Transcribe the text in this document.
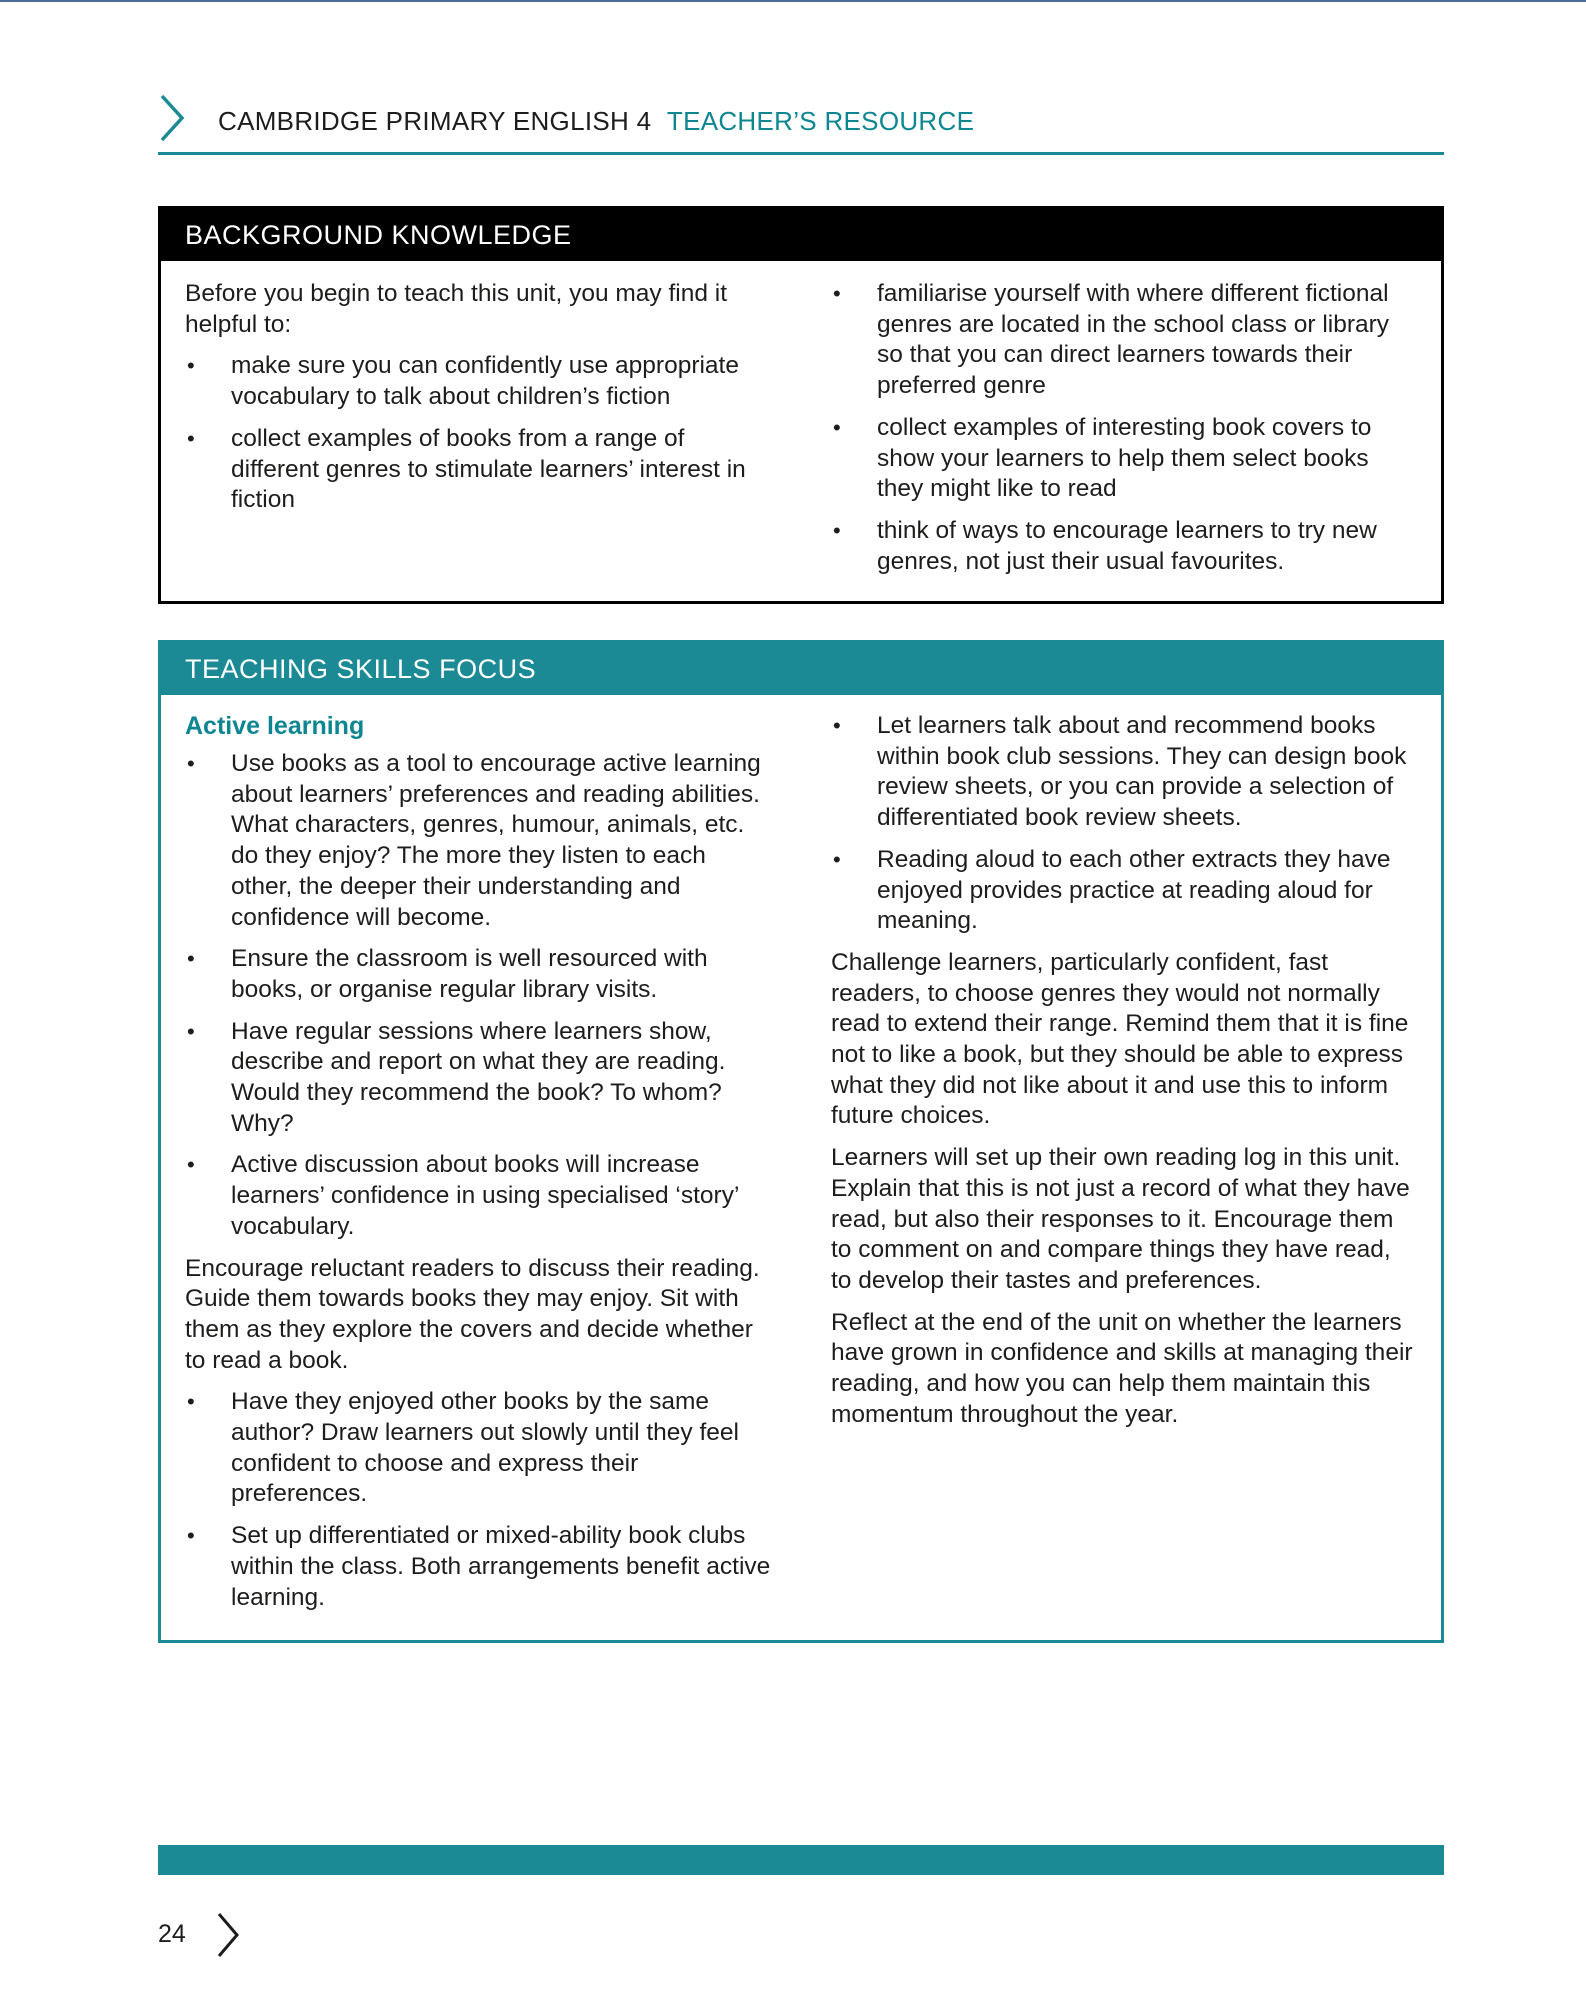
CAMBRIDGE PRIMARY ENGLISH 4 TEACHER’S RESOURCE
BACKGROUND KNOWLEDGE

Before you begin to teach this unit, you may find it helpful to:

• make sure you can confidently use appropriate vocabulary to talk about children’s fiction
• collect examples of books from a range of different genres to stimulate learners’ interest in fiction
• familiarise yourself with where different fictional genres are located in the school class or library so that you can direct learners towards their preferred genre
• collect examples of interesting book covers to show your learners to help them select books they might like to read
• think of ways to encourage learners to try new genres, not just their usual favourites.
TEACHING SKILLS FOCUS
Active learning
• Use books as a tool to encourage active learning about learners’ preferences and reading abilities. What characters, genres, humour, animals, etc. do they enjoy? The more they listen to each other, the deeper their understanding and confidence will become.
• Ensure the classroom is well resourced with books, or organise regular library visits.
• Have regular sessions where learners show, describe and report on what they are reading. Would they recommend the book? To whom? Why?
• Active discussion about books will increase learners’ confidence in using specialised ‘story’ vocabulary.

Encourage reluctant readers to discuss their reading. Guide them towards books they may enjoy. Sit with them as they explore the covers and decide whether to read a book.

• Have they enjoyed other books by the same author? Draw learners out slowly until they feel confident to choose and express their preferences.
• Set up differentiated or mixed-ability book clubs within the class. Both arrangements benefit active learning.
• Let learners talk about and recommend books within book club sessions. They can design book review sheets, or you can provide a selection of differentiated book review sheets.
• Reading aloud to each other extracts they have enjoyed provides practice at reading aloud for meaning.

Challenge learners, particularly confident, fast readers, to choose genres they would not normally read to extend their range. Remind them that it is fine not to like a book, but they should be able to express what they did not like about it and use this to inform future choices.

Learners will set up their own reading log in this unit. Explain that this is not just a record of what they have read, but also their responses to it. Encourage them to comment on and compare things they have read, to develop their tastes and preferences.

Reflect at the end of the unit on whether the learners have grown in confidence and skills at managing their reading, and how you can help them maintain this momentum throughout the year.

24
